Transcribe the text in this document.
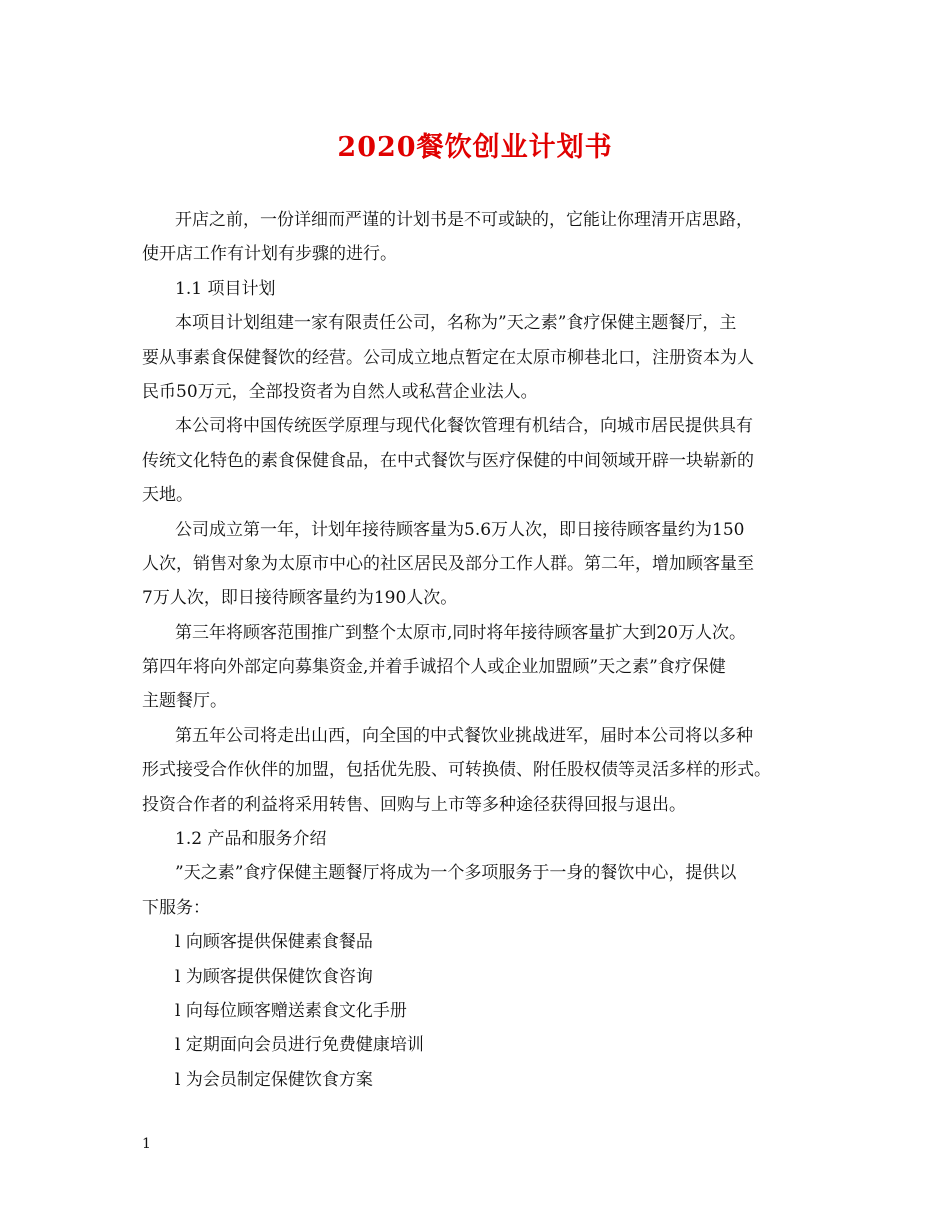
2020餐饮创业计划书
开店之前，一份详细而严谨的计划书是不可或缺的，它能让你理清开店思路，
使开店工作有计划有步骤的进行。
1.1 项目计划
本项目计划组建一家有限责任公司，名称为”天之素”食疗保健主题餐厅，主
要从事素食保健餐饮的经营。公司成立地点暂定在太原市柳巷北口，注册资本为人
民币50万元，全部投资者为自然人或私营企业法人。
本公司将中国传统医学原理与现代化餐饮管理有机结合，向城市居民提供具有
传统文化特色的素食保健食品，在中式餐饮与医疗保健的中间领域开辟一块崭新的
天地。
公司成立第一年，计划年接待顾客量为5.6万人次，即日接待顾客量约为150
人次，销售对象为太原市中心的社区居民及部分工作人群。第二年，增加顾客量至
7万人次，即日接待顾客量约为190人次。
第三年将顾客范围推广到整个太原市,同时将年接待顾客量扩大到20万人次。
第四年将向外部定向募集资金,并着手诚招个人或企业加盟顾”天之素”食疗保健
主题餐厅。
第五年公司将走出山西，向全国的中式餐饮业挑战进军，届时本公司将以多种
形式接受合作伙伴的加盟，包括优先股、可转换债、附任股权债等灵活多样的形式。
投资合作者的利益将采用转售、回购与上市等多种途径获得回报与退出。
1.2 产品和服务介绍
”天之素”食疗保健主题餐厅将成为一个多项服务于一身的餐饮中心，提供以
下服务：
l 向顾客提供保健素食餐品
l 为顾客提供保健饮食咨询
l 向每位顾客赠送素食文化手册
l 定期面向会员进行免费健康培训
l 为会员制定保健饮食方案
1
